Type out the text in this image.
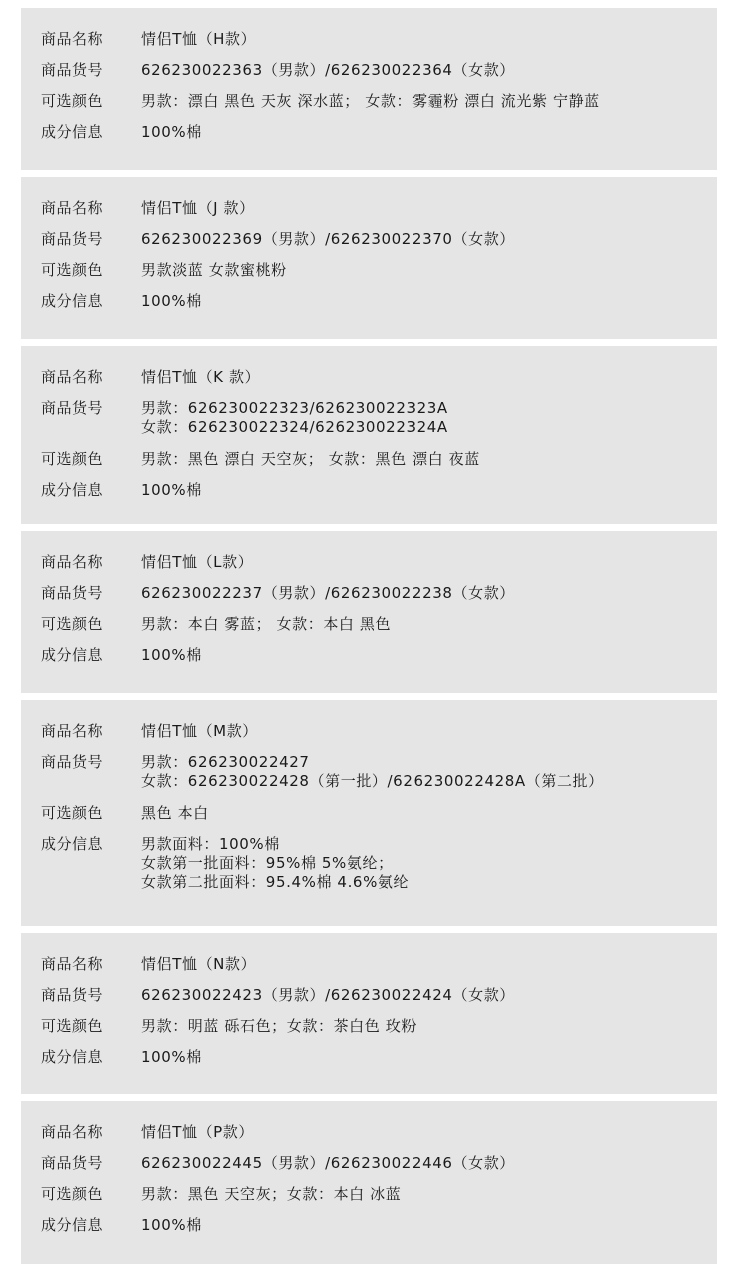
商品名称	情侣T恤（H款）
商品货号	626230022363（男款）/626230022364（女款）
可选颜色	男款：漂白 黑色 天灰 深水蓝； 女款：雾霾粉 漂白 流光紫 宁静蓝
成分信息	100%棉
商品名称	情侣T恤（J 款）
商品货号	626230022369（男款）/626230022370（女款）
可选颜色	男款淡蓝 女款蜜桃粉
成分信息	100%棉
商品名称	情侣T恤（K 款）
商品货号	男款：626230022323/626230022323A
女款：626230022324/626230022324A
可选颜色	男款：黑色 漂白 天空灰； 女款：黑色 漂白 夜蓝
成分信息	100%棉
商品名称	情侣T恤（L款）
商品货号	626230022237（男款）/626230022238（女款）
可选颜色	男款：本白 雾蓝； 女款：本白 黑色
成分信息	100%棉
商品名称	情侣T恤（M款）
商品货号	男款：626230022427
女款：626230022428（第一批）/626230022428A（第二批）
可选颜色	黑色 本白
成分信息	男款面料：100%棉
女款第一批面料：95%棉 5%氨纶；
女款第二批面料：95.4%棉 4.6%氨纶
商品名称	情侣T恤（N款）
商品货号	626230022423（男款）/626230022424（女款）
可选颜色	男款：明蓝 砾石色；女款：茶白色 玫粉
成分信息	100%棉
商品名称	情侣T恤（P款）
商品货号	626230022445（男款）/626230022446（女款）
可选颜色	男款：黑色 天空灰；女款：本白 冰蓝
成分信息	100%棉
